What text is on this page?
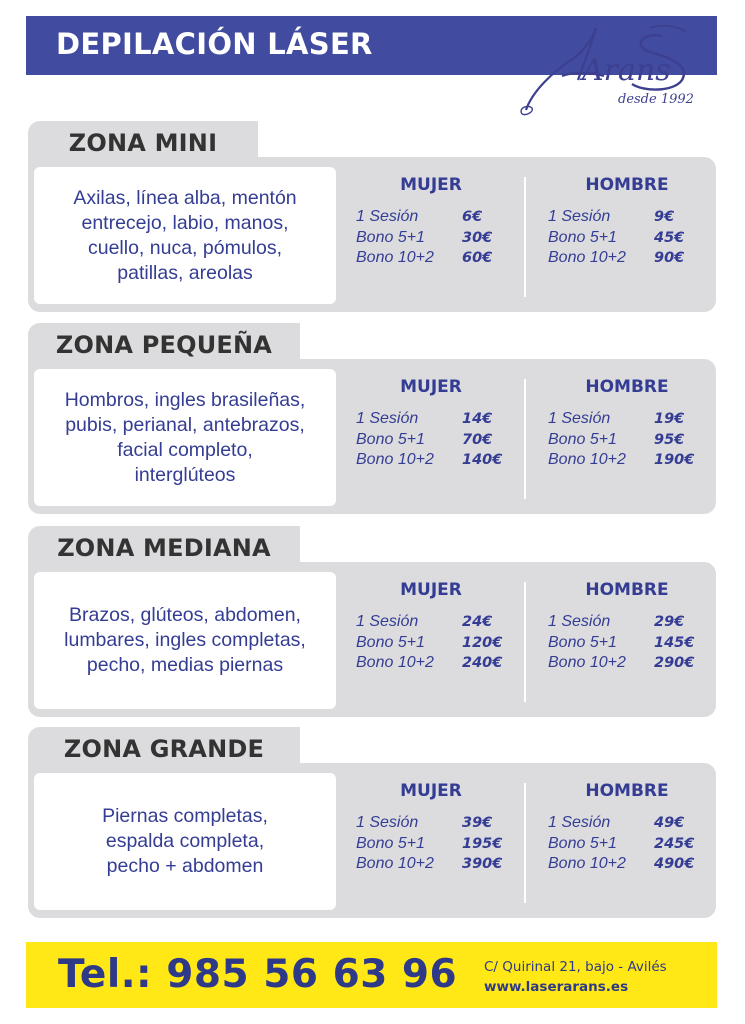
DEPILACIÓN LÁSER
Arans
desde 1992
ZONA MINI
Axilas, línea alba, mentón
entrecejo, labio, manos,
cuello, nuca, pómulos,
patillas, areolas
MUJER
1 Sesión	6€
Bono 5+1	30€
Bono 10+2	60€
HOMBRE
1 Sesión	9€
Bono 5+1	45€
Bono 10+2	90€
ZONA PEQUEÑA
Hombros, ingles brasileñas,
pubis, perianal, antebrazos,
facial completo,
interglúteos
MUJER
1 Sesión	14€
Bono 5+1	70€
Bono 10+2	140€
HOMBRE
1 Sesión	19€
Bono 5+1	95€
Bono 10+2	190€
ZONA MEDIANA
Brazos, glúteos, abdomen,
lumbares, ingles completas,
pecho, medias piernas
MUJER
1 Sesión	24€
Bono 5+1	120€
Bono 10+2	240€
HOMBRE
1 Sesión	29€
Bono 5+1	145€
Bono 10+2	290€
ZONA GRANDE
Piernas completas,
espalda completa,
pecho + abdomen
MUJER
1 Sesión	39€
Bono 5+1	195€
Bono 10+2	390€
HOMBRE
1 Sesión	49€
Bono 5+1	245€
Bono 10+2	490€
Tel.: 985 56 63 96 C/ Quirinal 21, bajo - Avilés
www.laserarans.es
